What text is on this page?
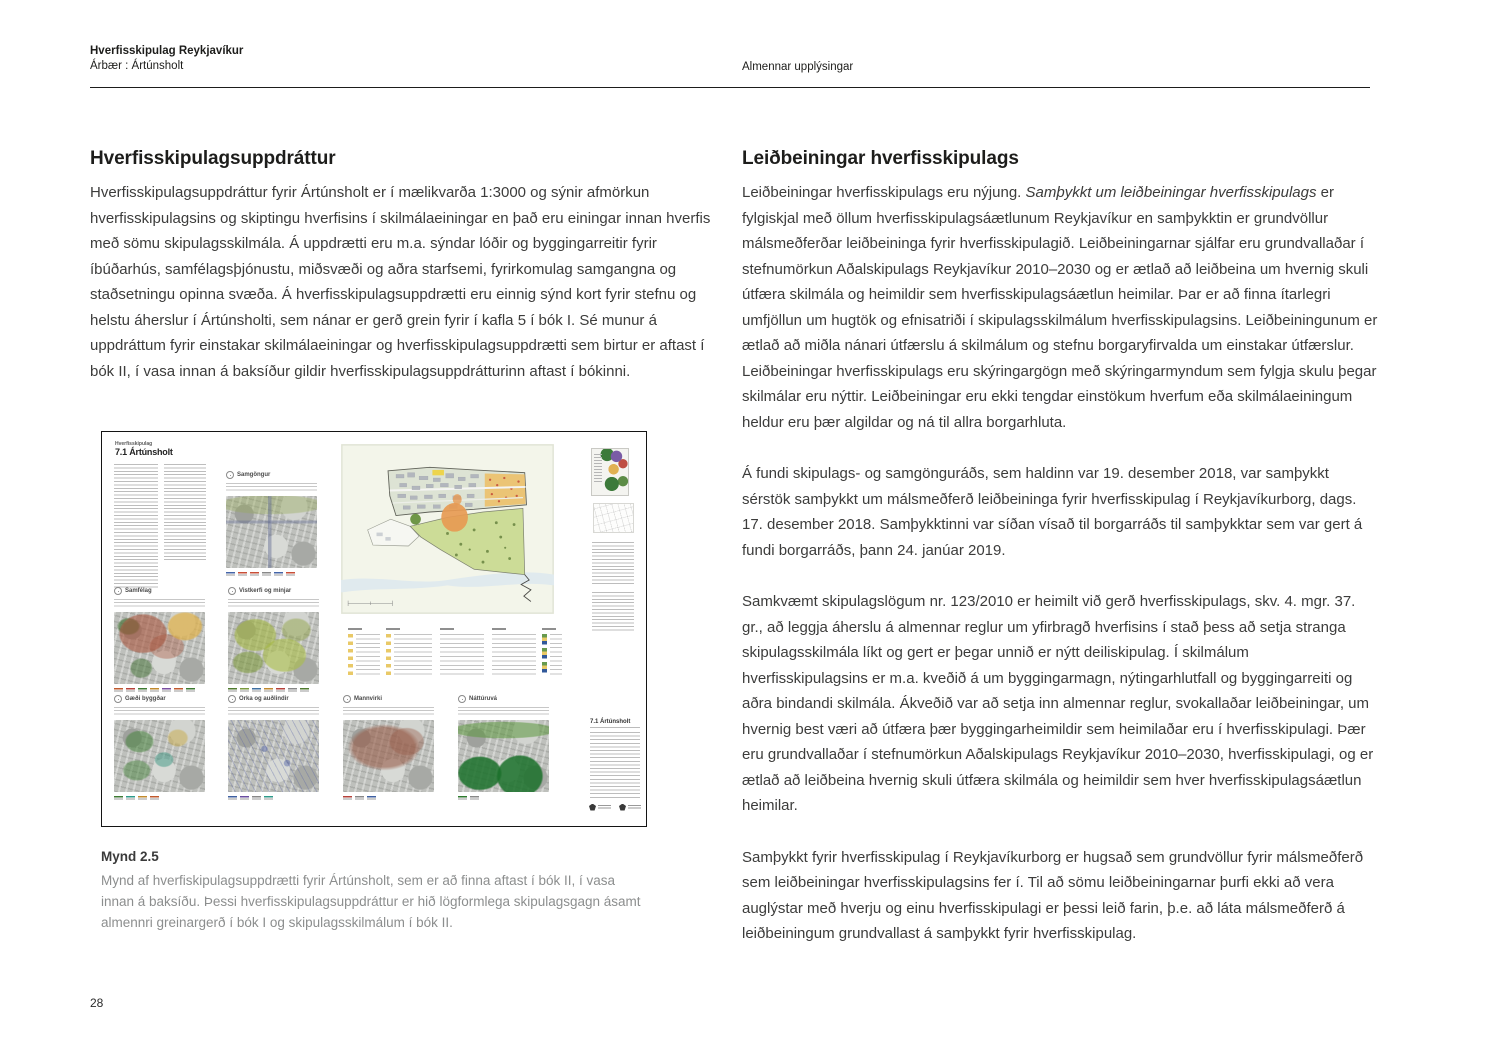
Hverfisskipulag Reykjavíkur
Árbær : Ártúnsholt	Almennar upplýsingar
Hverfisskipulagsuppdráttur

Hverfisskipulagsuppdráttur fyrir Ártúnsholt er í mælikvarða 1:3000 og sýnir afmörkun hverfisskipulagsins og skiptingu hverfisins í skilmálaeiningar en það eru einingar innan hverfis með sömu skipulagsskilmála. Á uppdrætti eru m.a. sýndar lóðir og byggingarreitir fyrir íbúðarhús, samfélagsþjónustu, miðsvæði og aðra starfsemi, fyrirkomulag samgangna og staðsetningu opinna svæða. Á hverfisskipulagsuppdrætti eru einnig sýnd kort fyrir stefnu og helstu áherslur í Ártúnsholti, sem nánar er gerð grein fyrir í kafla 5 í bók I. Sé munur á uppdráttum fyrir einstakar skilmálaeiningar og hverfisskipulagsuppdrætti sem birtur er aftast í bók II, í vasa innan á baksíður gildir hverfisskipulagsuppdrátturinn aftast í bókinni.

Hverfisskipulag
7.1 Ártúnsholt
Samgöngur
Samfélag	Vistkerfi og minjar
Gæði byggðar	Orka og auðlindir	Mannvirki	Náttúruvá
7.1 Ártúnsholt
Mynd 2.5
Mynd af hverfiskipulagsuppdrætti fyrir Ártúnsholt, sem er að finna aftast í bók II, í vasa innan á baksíðu. Þessi hverfisskipulagsuppdráttur er hið lögformlega skipulagsgagn ásamt almennri greinargerð í bók I og skipulagsskilmálum í bók II.
Leiðbeiningar hverfisskipulags

Leiðbeiningar hverfisskipulags eru nýjung. Samþykkt um leiðbeiningar hverfisskipulags er fylgiskjal með öllum hverfisskipulagsáætlunum Reykjavíkur en samþykktin er grundvöllur málsmeðferðar leiðbeininga fyrir hverfisskipulagið. Leiðbeiningarnar sjálfar eru grundvallaðar í stefnumörkun Aðalskipulags Reykjavíkur 2010–2030 og er ætlað að leiðbeina um hvernig skuli útfæra skilmála og heimildir sem hverfisskipulagsáætlun heimilar. Þar er að finna ítarlegri umfjöllun um hugtök og efnisatriði í skipulagsskilmálum hverfisskipulagsins. Leiðbeiningunum er ætlað að miðla nánari útfærslu á skilmálum og stefnu borgaryfirvalda um einstakar útfærslur. Leiðbeiningar hverfisskipulags eru skýringargögn með skýringarmyndum sem fylgja skulu þegar skilmálar eru nýttir. Leiðbeiningar eru ekki tengdar einstökum hverfum eða skilmálaeiningum heldur eru þær algildar og ná til allra borgarhluta.

Á fundi skipulags- og samgönguráðs, sem haldinn var 19. desember 2018, var samþykkt sérstök samþykkt um málsmeðferð leiðbeininga fyrir hverfisskipulag í Reykjavíkurborg, dags. 17. desember 2018. Samþykktinni var síðan vísað til borgarráðs til samþykktar sem var gert á fundi borgarráðs, þann 24. janúar 2019.

Samkvæmt skipulagslögum nr. 123/2010 er heimilt við gerð hverfisskipulags, skv. 4. mgr. 37. gr., að leggja áherslu á almennar reglur um yfirbragð hverfisins í stað þess að setja stranga skipulagsskilmála líkt og gert er þegar unnið er nýtt deiliskipulag. Í skilmálum hverfisskipulagsins er m.a. kveðið á um byggingarmagn, nýtingarhlutfall og byggingarreiti og aðra bindandi skilmála. Ákveðið var að setja inn almennar reglur, svokallaðar leiðbeiningar, um hvernig best væri að útfæra þær byggingarheimildir sem heimilaðar eru í hverfisskipulagi. Þær eru grundvallaðar í stefnumörkun Aðalskipulags Reykjavíkur 2010–2030, hverfisskipulagi, og er ætlað að leiðbeina hvernig skuli útfæra skilmála og heimildir sem hver hverfisskipulagsáætlun heimilar.

Samþykkt fyrir hverfisskipulag í Reykjavíkurborg er hugsað sem grundvöllur fyrir málsmeðferð sem leiðbeiningar hverfisskipulagsins fer í. Til að sömu leiðbeiningarnar þurfi ekki að vera auglýstar með hverju og einu hverfisskipulagi er þessi leið farin, þ.e. að láta málsmeðferð á leiðbeiningum grundvallast á samþykkt fyrir hverfisskipulag.

28
